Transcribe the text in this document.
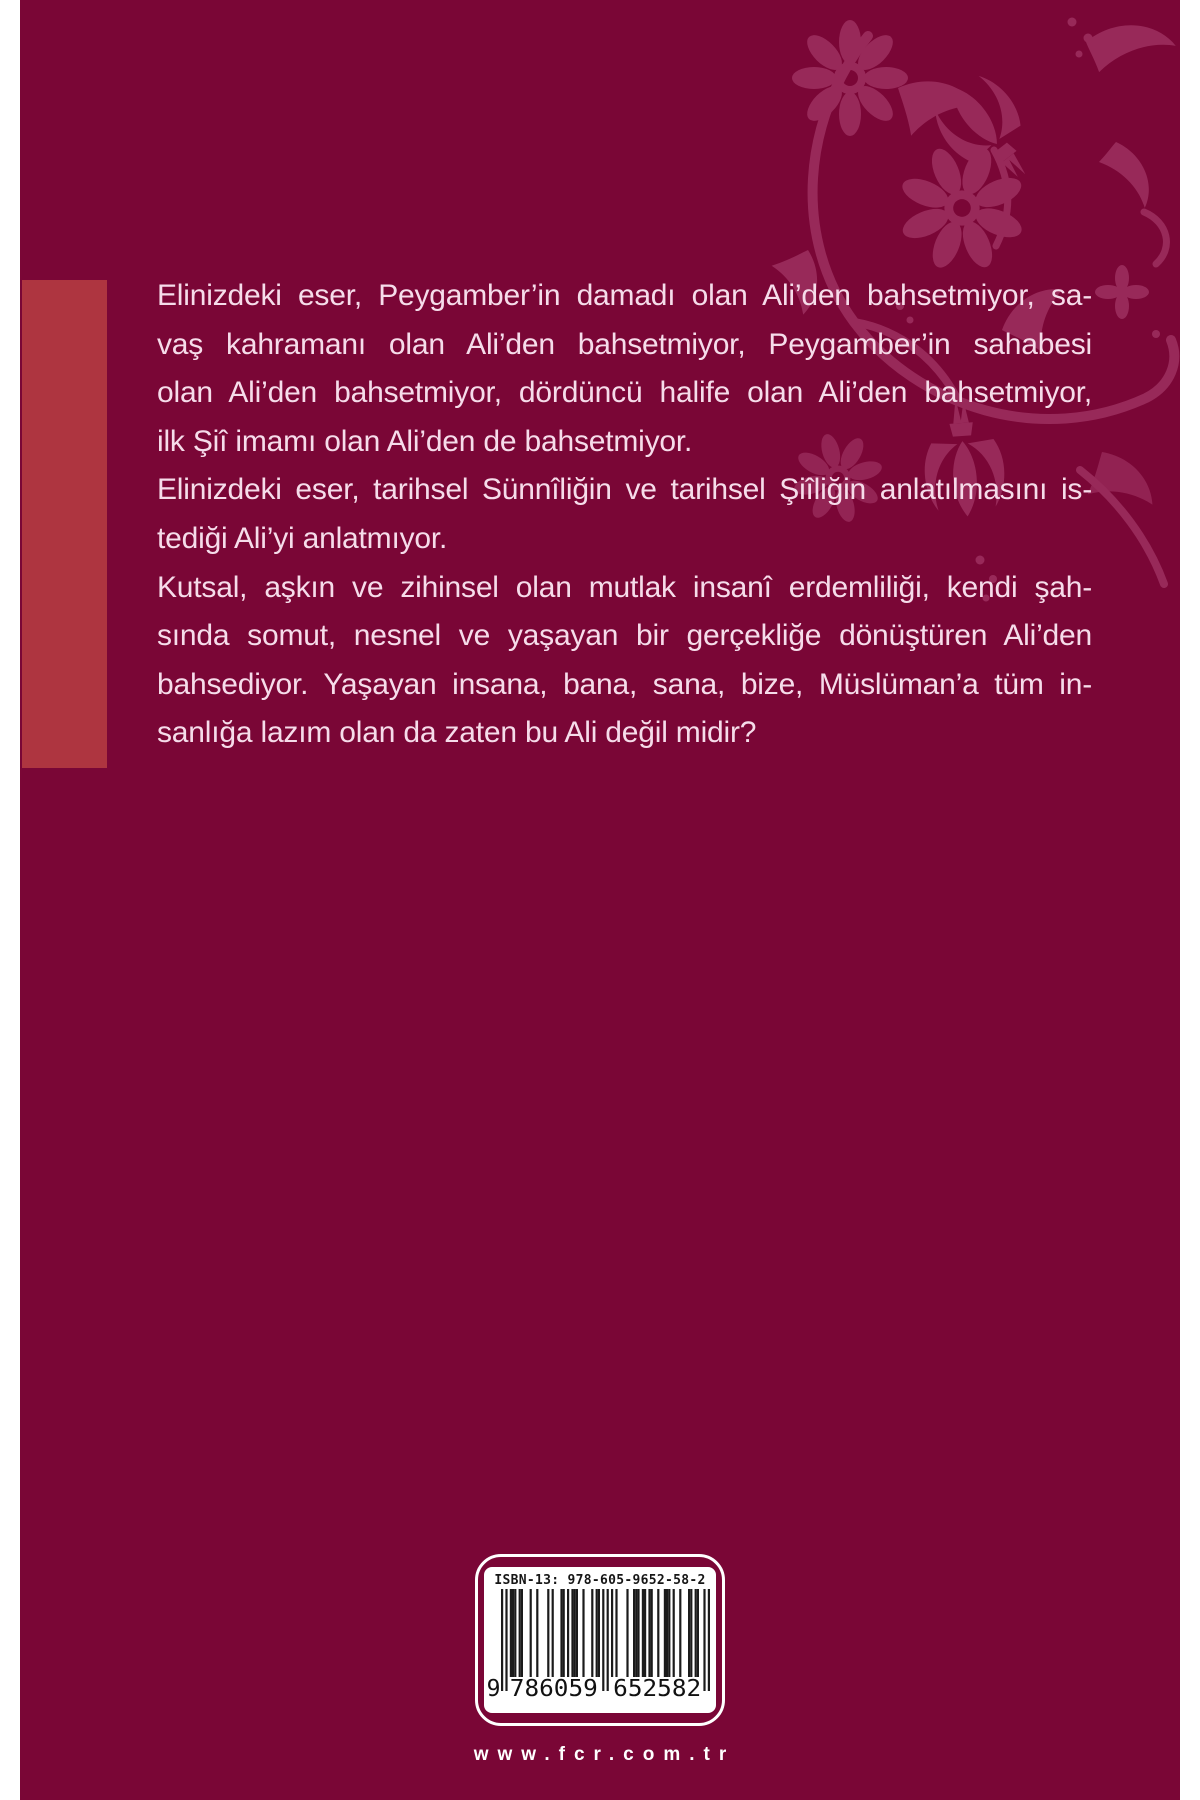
Elinizdeki eser, Peygamber’in damadı olan Ali’den bahsetmiyor, sa-
vaş kahramanı olan Ali’den bahsetmiyor, Peygamber’in sahabesi
olan Ali’den bahsetmiyor, dördüncü halife olan Ali’den bahsetmiyor,
ilk Şiî imamı olan Ali’den de bahsetmiyor.
Elinizdeki eser, tarihsel Sünnîliğin ve tarihsel Şiîliğin anlatılmasını is-
tediği Ali’yi anlatmıyor.
Kutsal, aşkın ve zihinsel olan mutlak insanî erdemliliği, kendi şah-
sında somut, nesnel ve yaşayan bir gerçekliğe dönüştüren Ali’den
bahsediyor. Yaşayan insana, bana, sana, bize, Müslüman’a tüm in-
sanlığa lazım olan da zaten bu Ali değil midir?
ISBN-13: 978-605-9652-58-2
9 786059 652582
www.fcr.com.tr
